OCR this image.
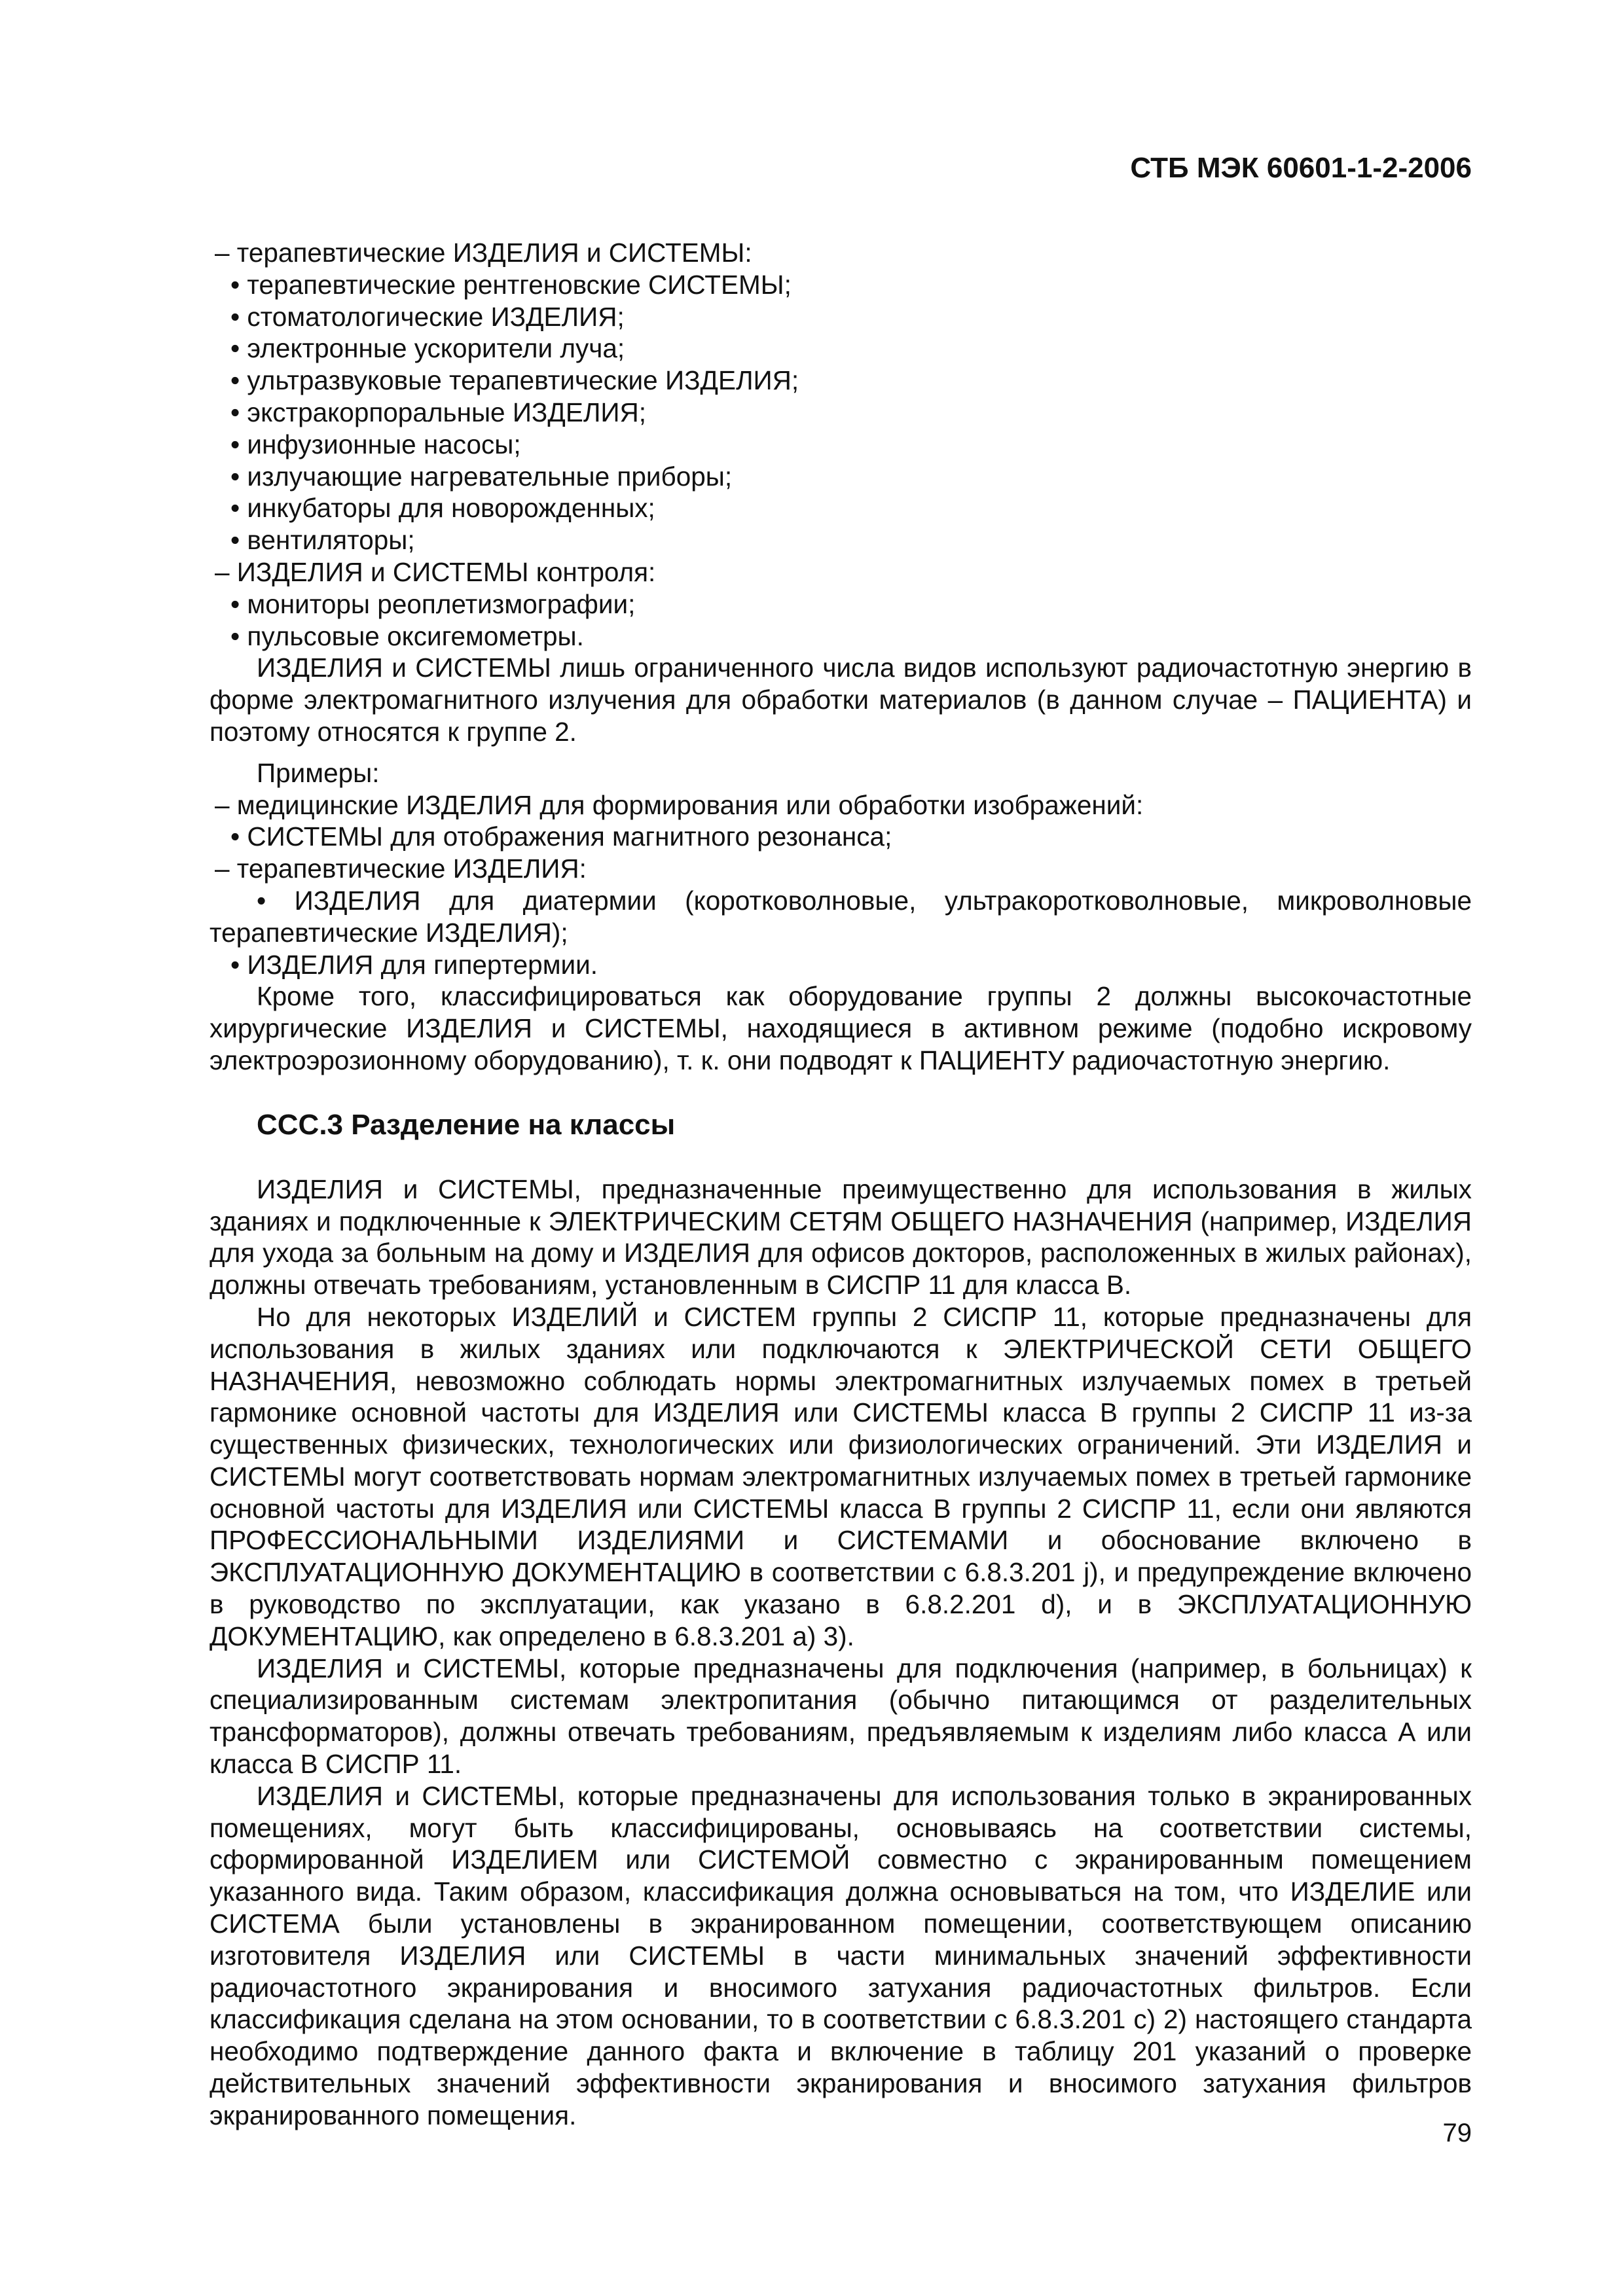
СТБ МЭК 60601-1-2-2006

– терапевтические ИЗДЕЛИЯ и СИСТЕМЫ:

• терапевтические рентгеновские СИСТЕМЫ;

• стоматологические ИЗДЕЛИЯ;

• электронные ускорители луча;

• ультразвуковые терапевтические ИЗДЕЛИЯ;

• экстракорпоральные ИЗДЕЛИЯ;

• инфузионные насосы;

• излучающие нагревательные приборы;

• инкубаторы для новорожденных;

• вентиляторы;

– ИЗДЕЛИЯ и СИСТЕМЫ контроля:

• мониторы реоплетизмографии;

• пульсовые оксигемометры.

ИЗДЕЛИЯ и СИСТЕМЫ лишь ограниченного числа видов используют радиочастотную энергию в форме электромагнитного излучения для обработки материалов (в данном случае – ПАЦИЕНТА) и поэтому относятся к группе 2.

Примеры:

– медицинские ИЗДЕЛИЯ для формирования или обработки изображений:

• СИСТЕМЫ для отображения магнитного резонанса;

– терапевтические ИЗДЕЛИЯ:

• ИЗДЕЛИЯ для диатермии (коротковолновые, ультракоротковолновые, микроволновые терапевтические ИЗДЕЛИЯ);

• ИЗДЕЛИЯ для гипертермии.

Кроме того, классифицироваться как оборудование группы 2 должны высокочастотные хирургические ИЗДЕЛИЯ и СИСТЕМЫ, находящиеся в активном режиме (подобно искровому электроэрозионному оборудованию), т. к. они подводят к ПАЦИЕНТУ радиочастотную энергию.

CCC.3 Разделение на классы

ИЗДЕЛИЯ и СИСТЕМЫ, предназначенные преимущественно для использования в жилых зданиях и подключенные к ЭЛЕКТРИЧЕСКИМ СЕТЯМ ОБЩЕГО НАЗНАЧЕНИЯ (например, ИЗДЕЛИЯ для ухода за больным на дому и ИЗДЕЛИЯ для офисов докторов, расположенных в жилых районах), должны отвечать требованиям, установленным в СИСПР 11 для класса В.

Но для некоторых ИЗДЕЛИЙ и СИСТЕМ группы 2 СИСПР 11, которые предназначены для использования в жилых зданиях или подключаются к ЭЛЕКТРИЧЕСКОЙ СЕТИ ОБЩЕГО НАЗНАЧЕНИЯ, невозможно соблюдать нормы электромагнитных излучаемых помех в третьей гармонике основной частоты для ИЗДЕЛИЯ или СИСТЕМЫ класса В группы 2 СИСПР 11 из-за существенных физических, технологических или физиологических ограничений. Эти ИЗДЕЛИЯ и СИСТЕМЫ могут соответствовать нормам электромагнитных излучаемых помех в третьей гармонике основной частоты для ИЗДЕЛИЯ или СИСТЕМЫ класса В группы 2 СИСПР 11, если они являются ПРОФЕССИОНАЛЬНЫМИ ИЗДЕЛИЯМИ и СИСТЕМАМИ и обоснование включено в ЭКСПЛУАТАЦИОННУЮ ДОКУМЕНТАЦИЮ в соответствии с 6.8.3.201 j), и предупреждение включено в руководство по эксплуатации, как указано в 6.8.2.201 d), и в ЭКСПЛУАТАЦИОННУЮ ДОКУМЕНТАЦИЮ, как определено в 6.8.3.201 а) 3).

ИЗДЕЛИЯ и СИСТЕМЫ, которые предназначены для подключения (например, в больницах) к специализированным системам электропитания (обычно питающимся от разделительных трансформаторов), должны отвечать требованиям, предъявляемым к изделиям либо класса А или класса В СИСПР 11.

ИЗДЕЛИЯ и СИСТЕМЫ, которые предназначены для использования только в экранированных помещениях, могут быть классифицированы, основываясь на соответствии системы, сформированной ИЗДЕЛИЕМ или СИСТЕМОЙ совместно с экранированным помещением указанного вида. Таким образом, классификация должна основываться на том, что ИЗДЕЛИЕ или СИСТЕМА были установлены в экранированном помещении, соответствующем описанию изготовителя ИЗДЕЛИЯ или СИСТЕМЫ в части минимальных значений эффективности радиочастотного экранирования и вносимого затухания радиочастотных фильтров. Если классификация сделана на этом основании, то в соответствии с 6.8.3.201 с) 2) настоящего стандарта необходимо подтверждение данного факта и включение в таблицу 201 указаний о проверке действительных значений эффективности экранирования и вносимого затухания фильтров экранированного помещения.

79
